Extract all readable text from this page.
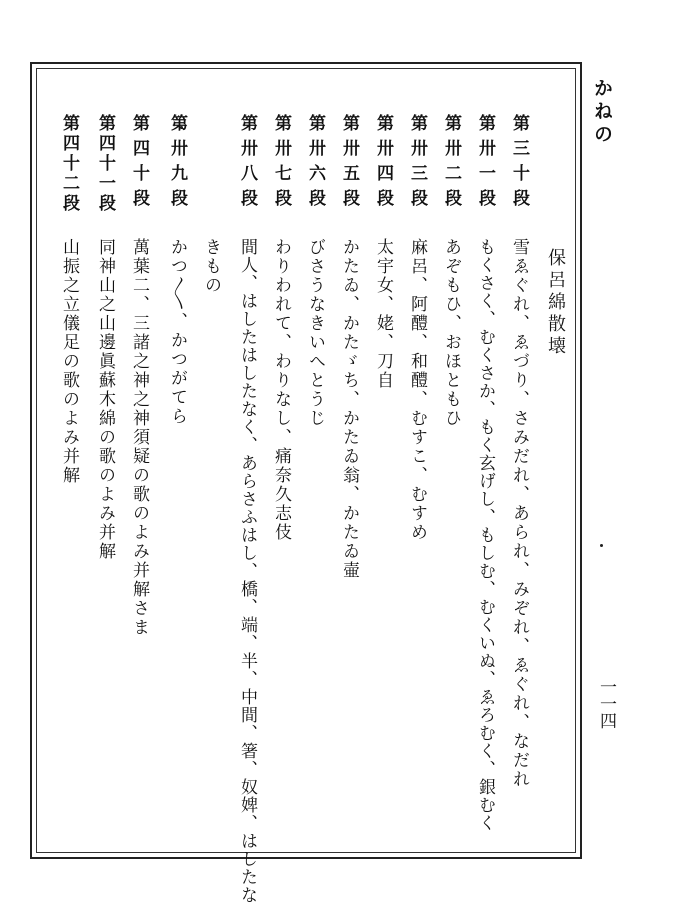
かねの
一一四
保呂綿散壊
第三十段
雪ゑぐれ、ゑづり、さみだれ、あられ、みぞれ、ゑぐれ、なだれ
第卅一段
もくさく、むくさか、もく玄げし、もしむ、むくいぬ、ゑろむく、銀むく
第卅二段
あぞもひ、おほともひ
第卅三段
麻呂、阿醴、和醴、むすこ、むすめ
第卅四段
太宇女、姥、刀自
第卅五段
かたゐ、かたゞち、かたゐ翁、かたゐ壷
第卅六段
びさうなきいへとうじ
第卅七段
わりわれて、わりなし、痛奈久志伎
第卅八段
間人、はしたはしたなく、あらさふはし、橋、端、半、中間、箸、奴婢、はしたな
きもの
第卅九段
かつ〳〵、かつがてら
第四十段
萬葉二、三諸之神之神須疑の歌のよみ并解さま
第四十一段
同神山之山邊眞蘇木綿の歌のよみ并解
第四十二段
山振之立儀足の歌のよみ并解
